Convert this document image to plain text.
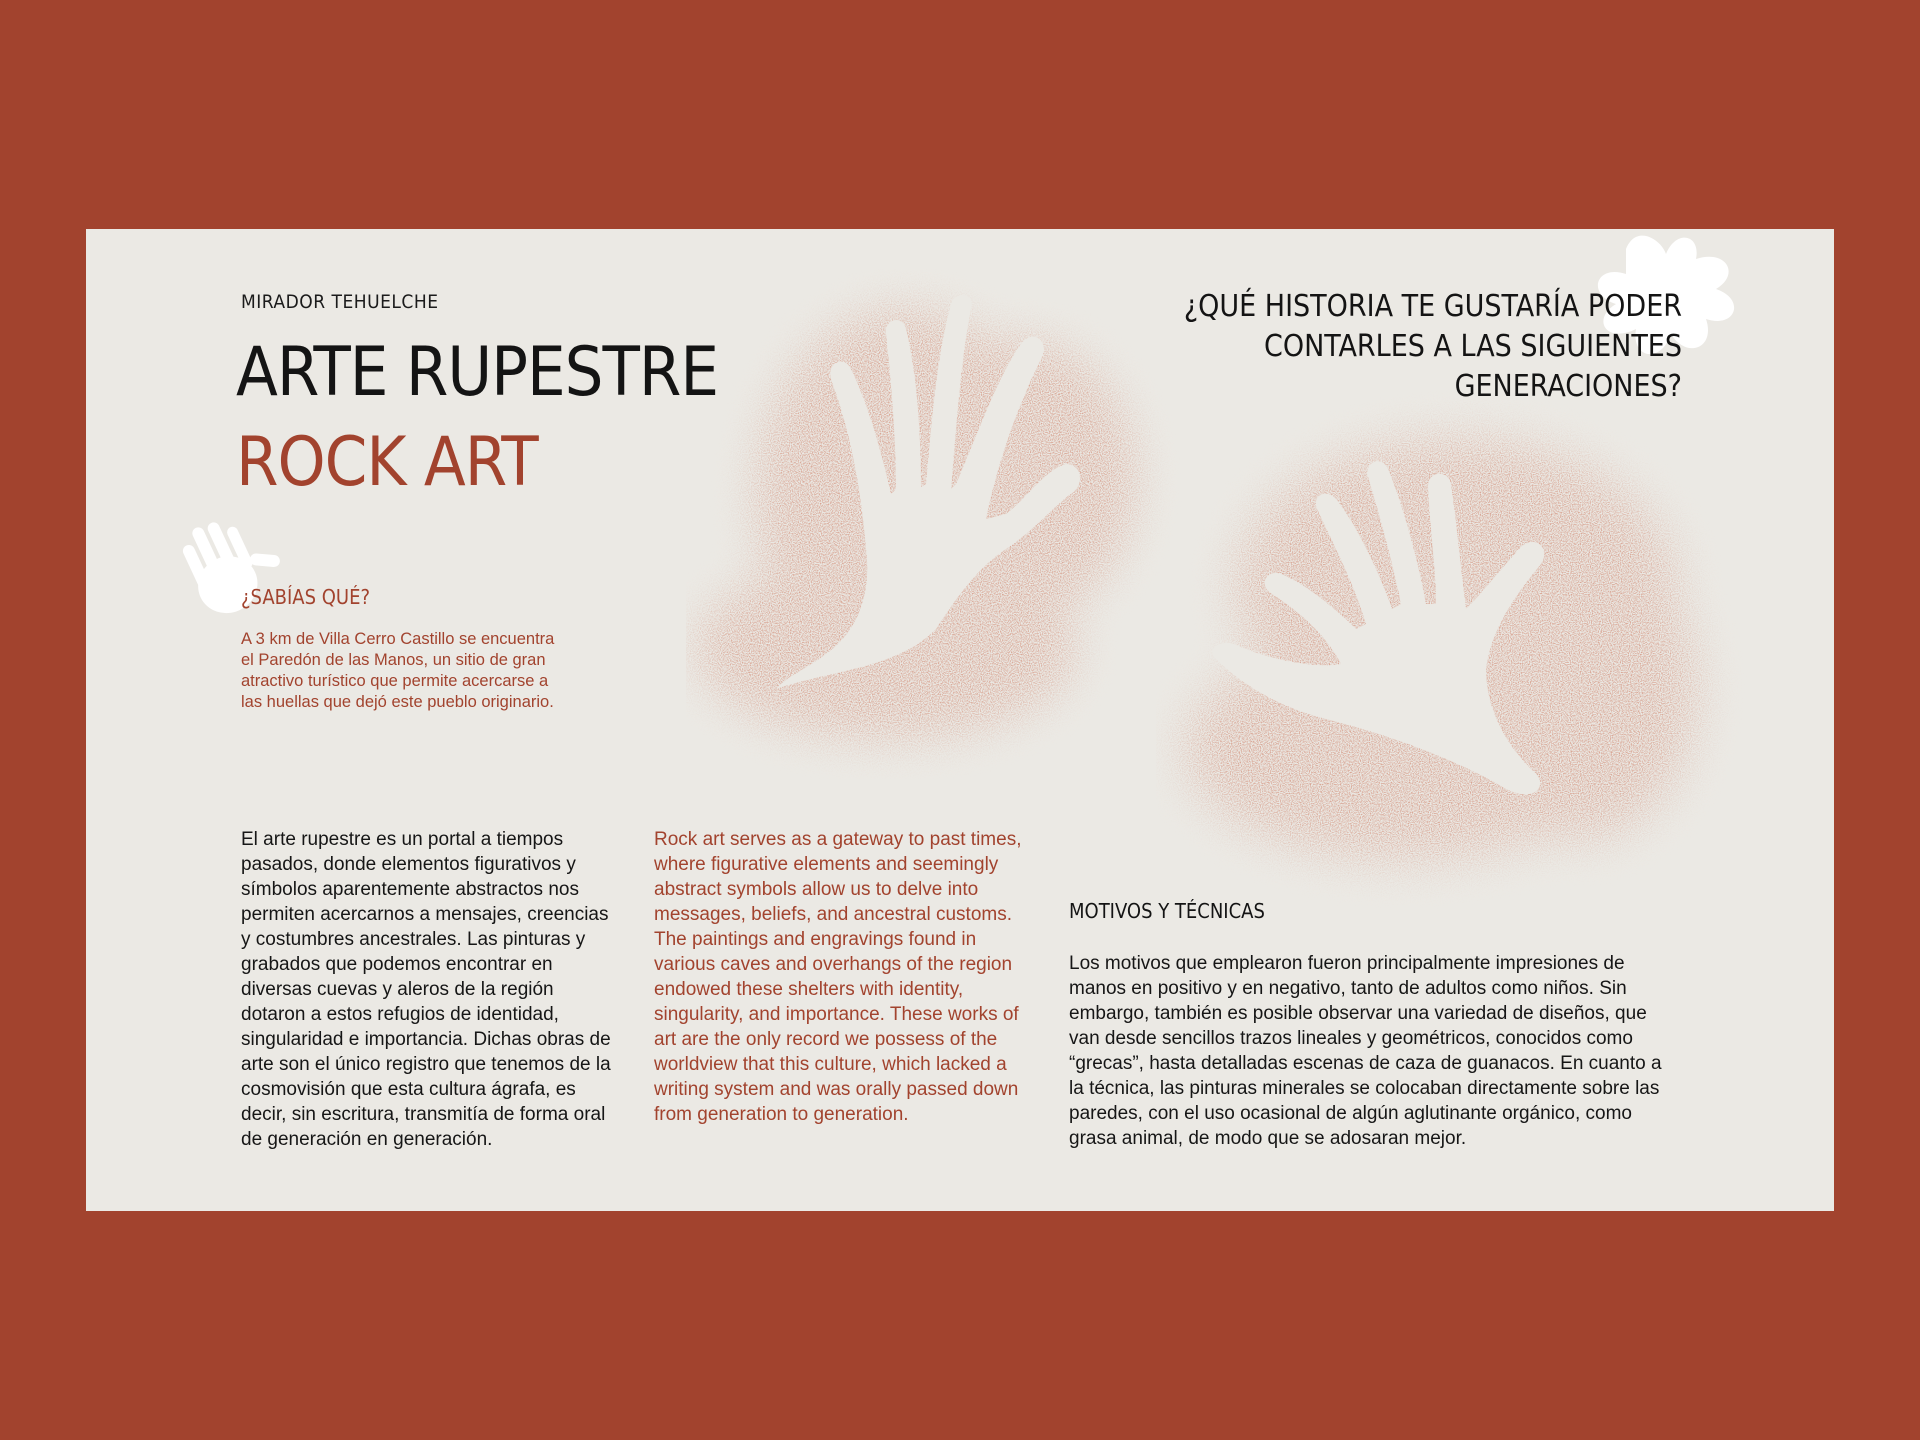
MIRADOR TEHUELCHE
ARTE RUPESTRE
ROCK ART
¿SABÍAS QUÉ?
A 3 km de Villa Cerro Castillo se encuentra el Paredón de las Manos, un sitio de gran atractivo turístico que permite acercarse a las huellas que dejó este pueblo originario.
¿QUÉ HISTORIA TE GUSTARÍA PODER CONTARLES A LAS SIGUIENTES GENERACIONES?
El arte rupestre es un portal a tiempos pasados, donde elementos figurativos y símbolos aparentemente abstractos nos permiten acercarnos a mensajes, creencias y costumbres ancestrales. Las pinturas y grabados que podemos encontrar en diversas cuevas y aleros de la región dotaron a estos refugios de identidad, singularidad e importancia. Dichas obras de arte son el único registro que tenemos de la cosmovisión que esta cultura ágrafa, es decir, sin escritura, transmitía de forma oral de generación en generación.
Rock art serves as a gateway to past times, where figurative elements and seemingly abstract symbols allow us to delve into messages, beliefs, and ancestral customs. The paintings and engravings found in various caves and overhangs of the region endowed these shelters with identity, singularity, and importance. These works of art are the only record we possess of the worldview that this culture, which lacked a writing system and was orally passed down from generation to generation.
MOTIVOS Y TÉCNICAS
Los motivos que emplearon fueron principalmente impresiones de manos en positivo y en negativo, tanto de adultos como niños. Sin embargo, también es posible observar una variedad de diseños, que van desde sencillos trazos lineales y geométricos, conocidos como “grecas”, hasta detalladas escenas de caza de guanacos. En cuanto a la técnica, las pinturas minerales se colocaban directamente sobre las paredes, con el uso ocasional de algún aglutinante orgánico, como grasa animal, de modo que se adosaran mejor.
